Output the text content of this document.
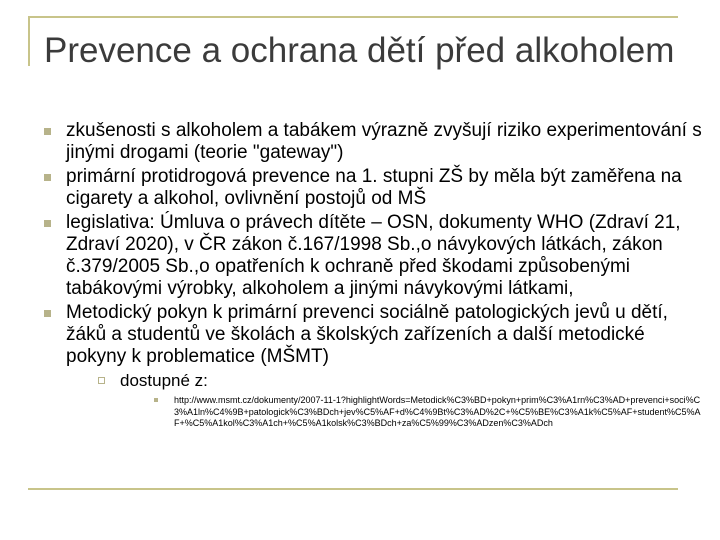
Prevence a ochrana dětí před alkoholem
zkušenosti s alkoholem a tabákem výrazně zvyšují riziko experimentování s jinými drogami (teorie "gateway")
primární protidrogová prevence na 1. stupni ZŠ by měla být zaměřena na cigarety a alkohol, ovlivnění postojů od MŠ
legislativa: Úmluva o právech dítěte – OSN, dokumenty WHO (Zdraví 21, Zdraví 2020), v ČR zákon č.167/1998 Sb.,o návykových látkách, zákon č.379/2005 Sb.,o opatřeních k ochraně před škodami způsobenými tabákovými výrobky, alkoholem a jinými návykovými látkami,
Metodický pokyn k primární prevenci sociálně patologických jevů u dětí, žáků a studentů ve školách a školských zařízeních a další metodické pokyny k problematice (MŠMT)
dostupné z:
http://www.msmt.cz/dokumenty/2007-11-1?highlightWords=Metodick%C3%BD+pokyn+prim%C3%A1rn%C3%AD+prevenci+soci%C3%A1ln%C4%9B+patologick%C3%BDch+jev%C5%AF+d%C4%9Bt%C3%AD%2C+%C5%BE%C3%A1k%C5%AF+student%C5%AF+%C5%A1kol%C3%A1ch+%C5%A1kolsk%C3%BDch+za%C5%99%C3%ADzen%C3%ADch
